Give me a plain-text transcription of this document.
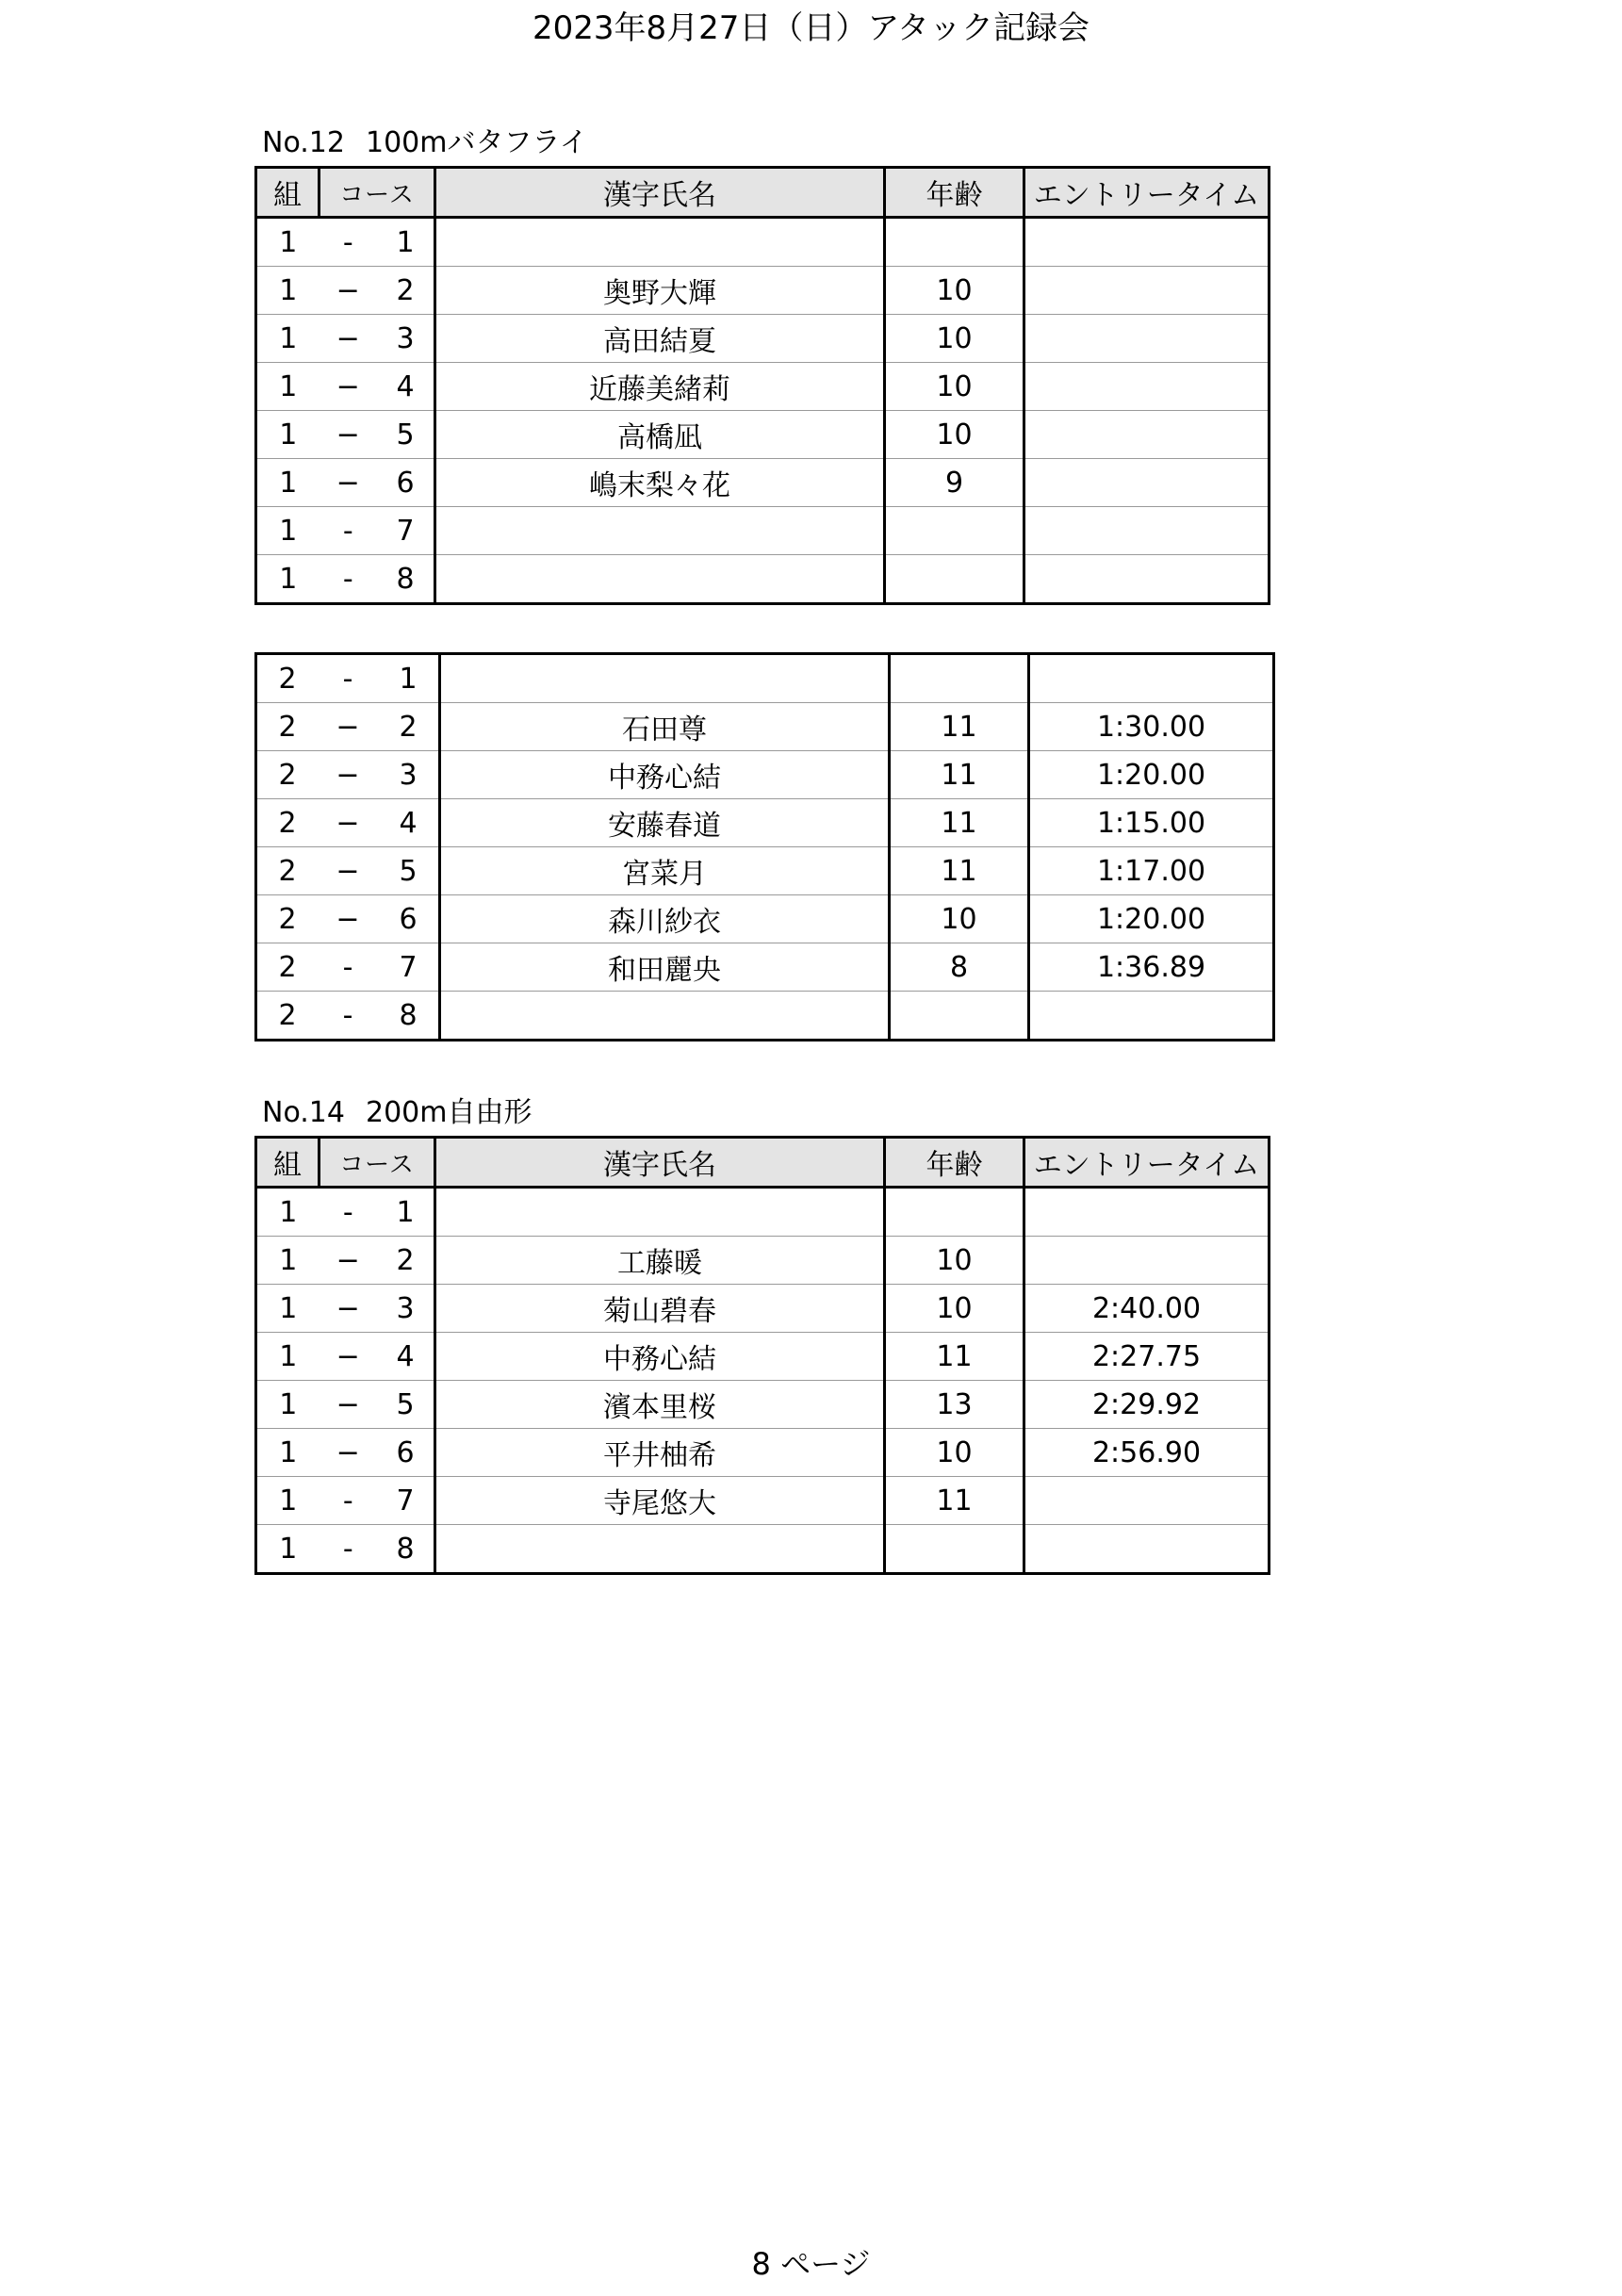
2023年8月27日（日）アタック記録会
No.12 100mバタフライ
組	コース		漢字氏名	年齢	エントリータイム
1	-	1			
1	−	2	奥野大輝	10	
1	−	3	高田結夏	10	
1	−	4	近藤美緒莉	10	
1	−	5	高橋凪	10	
1	−	6	嶋末梨々花	9	
1	-	7			
1	-	8			
2	-	1			
2	−	2	石田尊	11	1:30.00
2	−	3	中務心結	11	1:20.00
2	−	4	安藤春道	11	1:15.00
2	−	5	宮菜月	11	1:17.00
2	−	6	森川紗衣	10	1:20.00
2	-	7	和田麗央	8	1:36.89
2	-	8			
No.14 200m自由形
組	コース		漢字氏名	年齢	エントリータイム
1	-	1			
1	−	2	工藤暖	10	
1	−	3	菊山碧春	10	2:40.00
1	−	4	中務心結	11	2:27.75
1	−	5	濱本里桜	13	2:29.92
1	−	6	平井柚希	10	2:56.90
1	-	7	寺尾悠大	11	
1	-	8			
8 ページ
